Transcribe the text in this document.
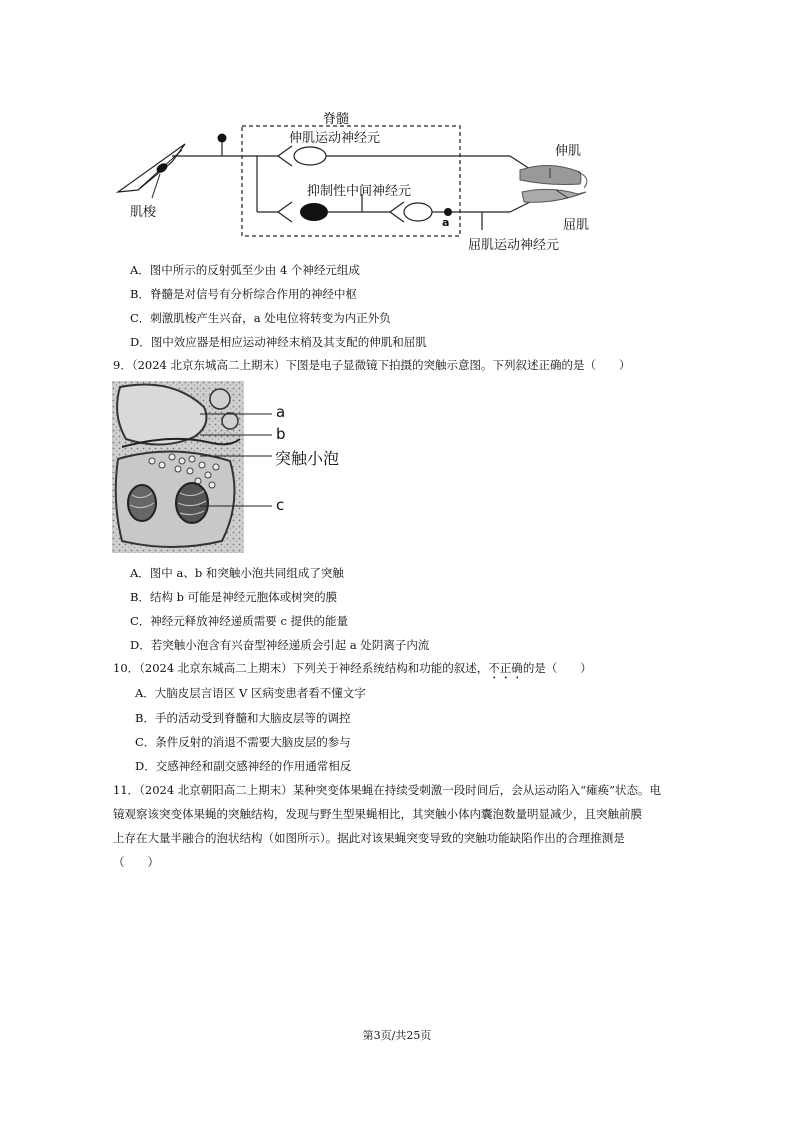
脊髓
伸肌运动神经元
抑制性中间神经元
肌梭
伸肌
屈肌
屈肌运动神经元
a
A．图中所示的反射弧至少由 4 个神经元组成
B．脊髓是对信号有分析综合作用的神经中枢
C．刺激肌梭产生兴奋，a 处电位将转变为内正外负
D．图中效应器是相应运动神经末梢及其支配的伸肌和屈肌
9．（2024 北京东城高二上期末）下图是电子显微镜下拍摄的突触示意图。下列叙述正确的是（　　）
a
b
突触小泡
c
A．图中 a、b 和突触小泡共同组成了突触
B．结构 b 可能是神经元胞体或树突的膜
C．神经元释放神经递质需要 c 提供的能量
D．若突触小泡含有兴奋型神经递质会引起 a 处阴离子内流
10．（2024 北京东城高二上期末）下列关于神经系统结构和功能的叙述，不正确的是（　　）
A．大脑皮层言语区 V 区病变患者看不懂文字
B．手的活动受到脊髓和大脑皮层等的调控
C．条件反射的消退不需要大脑皮层的参与
D．交感神经和副交感神经的作用通常相反
11．（2024 北京朝阳高二上期末）某种突变体果蝇在持续受刺激一段时间后，会从运动陷入“瘫痪”状态。电
镜观察该突变体果蝇的突触结构，发现与野生型果蝇相比，其突触小体内囊泡数量明显减少，且突触前膜
上存在大量半融合的泡状结构（如图所示）。据此对该果蝇突变导致的突触功能缺陷作出的合理推测是
（　　）
第3页/共25页
